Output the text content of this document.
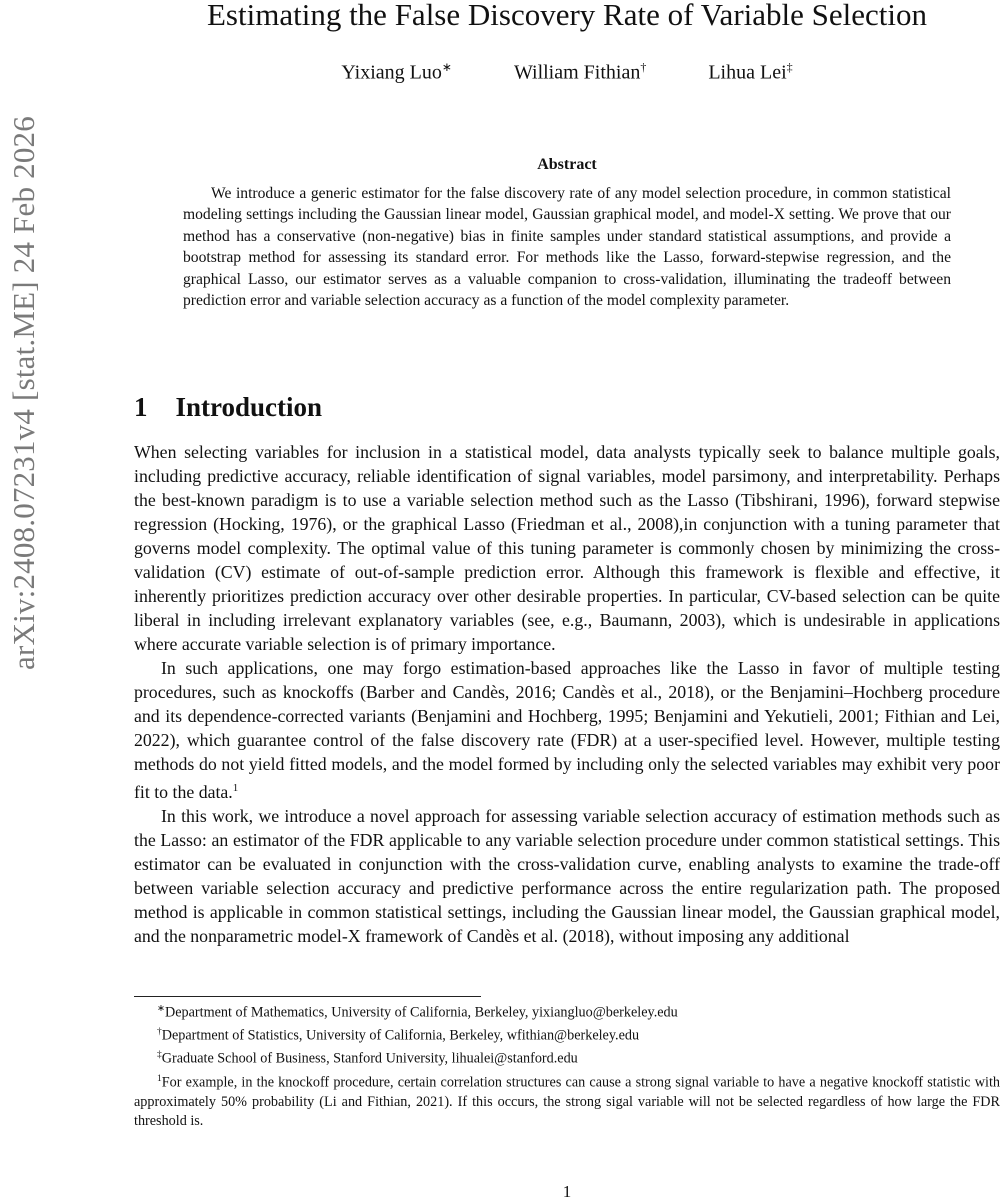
arXiv:2408.07231v4 [stat.ME] 24 Feb 2026
Estimating the False Discovery Rate of Variable Selection
Yixiang Luo∗	William Fithian†	Lihua Lei‡
Abstract

We introduce a generic estimator for the false discovery rate of any model selection procedure, in common statistical modeling settings including the Gaussian linear model, Gaussian graphical model, and model-X setting. We prove that our method has a conservative (non-negative) bias in finite samples under standard statistical assumptions, and provide a bootstrap method for assessing its standard error. For methods like the Lasso, forward-stepwise regression, and the graphical Lasso, our estimator serves as a valuable companion to cross-validation, illuminating the tradeoff between prediction error and variable selection accuracy as a function of the model complexity parameter.

1 Introduction

When selecting variables for inclusion in a statistical model, data analysts typically seek to balance multiple goals, including predictive accuracy, reliable identification of signal variables, model parsimony, and interpretability. Perhaps the best-known paradigm is to use a variable selection method such as the Lasso (Tibshirani, 1996), forward stepwise regression (Hocking, 1976), or the graphical Lasso (Friedman et al., 2008),in conjunction with a tuning parameter that governs model complexity. The optimal value of this tuning parameter is commonly chosen by minimizing the cross-validation (CV) estimate of out-of-sample prediction error. Although this framework is flexible and effective, it inherently prioritizes prediction accuracy over other desirable properties. In particular, CV-based selection can be quite liberal in including irrelevant explanatory variables (see, e.g., Baumann, 2003), which is undesirable in applications where accurate variable selection is of primary importance.

In such applications, one may forgo estimation-based approaches like the Lasso in favor of multiple testing procedures, such as knockoffs (Barber and Candès, 2016; Candès et al., 2018), or the Benjamini–Hochberg procedure and its dependence-corrected variants (Benjamini and Hochberg, 1995; Benjamini and Yekutieli, 2001; Fithian and Lei, 2022), which guarantee control of the false discovery rate (FDR) at a user-specified level. However, multiple testing methods do not yield fitted models, and the model formed by including only the selected variables may exhibit very poor fit to the data.$^1$

In this work, we introduce a novel approach for assessing variable selection accuracy of estimation methods such as the Lasso: an estimator of the FDR applicable to any variable selection procedure under common statistical settings. This estimator can be evaluated in conjunction with the cross-validation curve, enabling analysts to examine the trade-off between variable selection accuracy and predictive performance across the entire regularization path. The proposed method is applicable in common statistical settings, including the Gaussian linear model, the Gaussian graphical model, and the nonparametric model-X framework of Candès et al. (2018), without imposing any additional

∗Department of Mathematics, University of California, Berkeley, yixiangluo@berkeley.edu

†Department of Statistics, University of California, Berkeley, wfithian@berkeley.edu

‡Graduate School of Business, Stanford University, lihualei@stanford.edu

$^1$For example, in the knockoff procedure, certain correlation structures can cause a strong signal variable to have a negative knockoff statistic with approximately 50% probability (Li and Fithian, 2021). If this occurs, the strong sigal variable will not be selected regardless of how large the FDR threshold is.

1
